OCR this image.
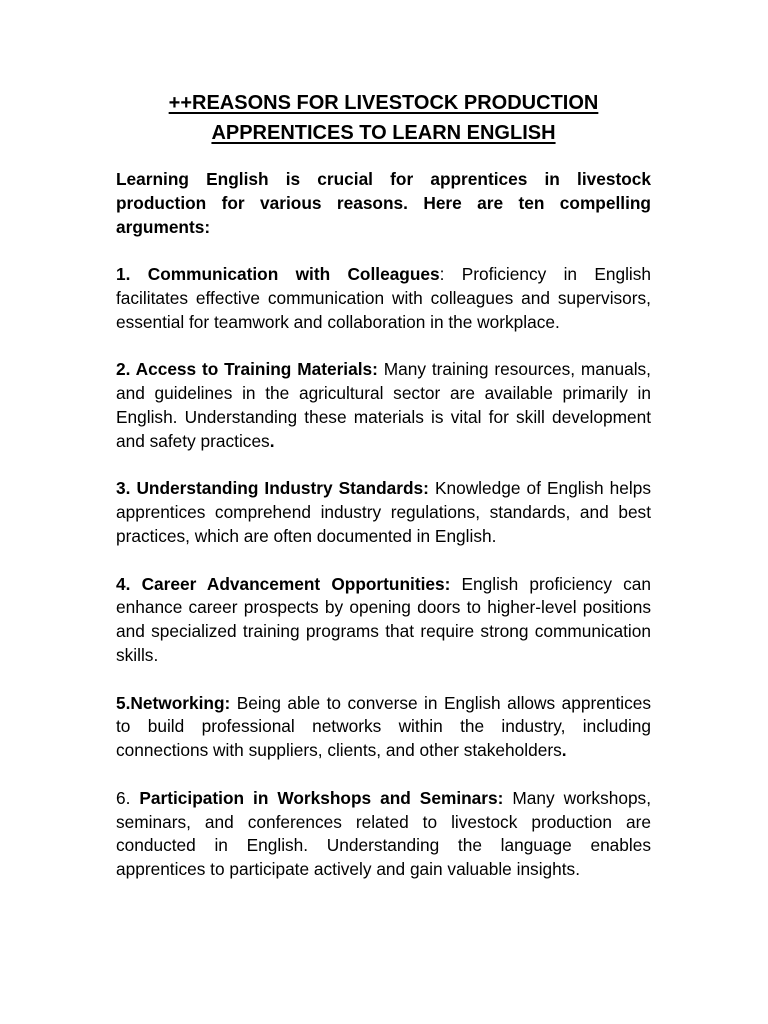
++REASONS FOR LIVESTOCK PRODUCTION
APPRENTICES TO LEARN ENGLISH

Learning English is crucial for apprentices in livestock production for various reasons. Here are ten compelling arguments:

1. Communication with Colleagues: Proficiency in English facilitates effective communication with colleagues and supervisors, essential for teamwork and collaboration in the workplace.

2. Access to Training Materials: Many training resources, manuals, and guidelines in the agricultural sector are available primarily in English. Understanding these materials is vital for skill development and safety practices.

3. Understanding Industry Standards: Knowledge of English helps apprentices comprehend industry regulations, standards, and best practices, which are often documented in English.

4. Career Advancement Opportunities: English proficiency can enhance career prospects by opening doors to higher-level positions and specialized training programs that require strong communication skills.

5.Networking: Being able to converse in English allows apprentices to build professional networks within the industry, including connections with suppliers, clients, and other stakeholders.

6. Participation in Workshops and Seminars: Many workshops, seminars, and conferences related to livestock production are conducted in English. Understanding the language enables apprentices to participate actively and gain valuable insights.
